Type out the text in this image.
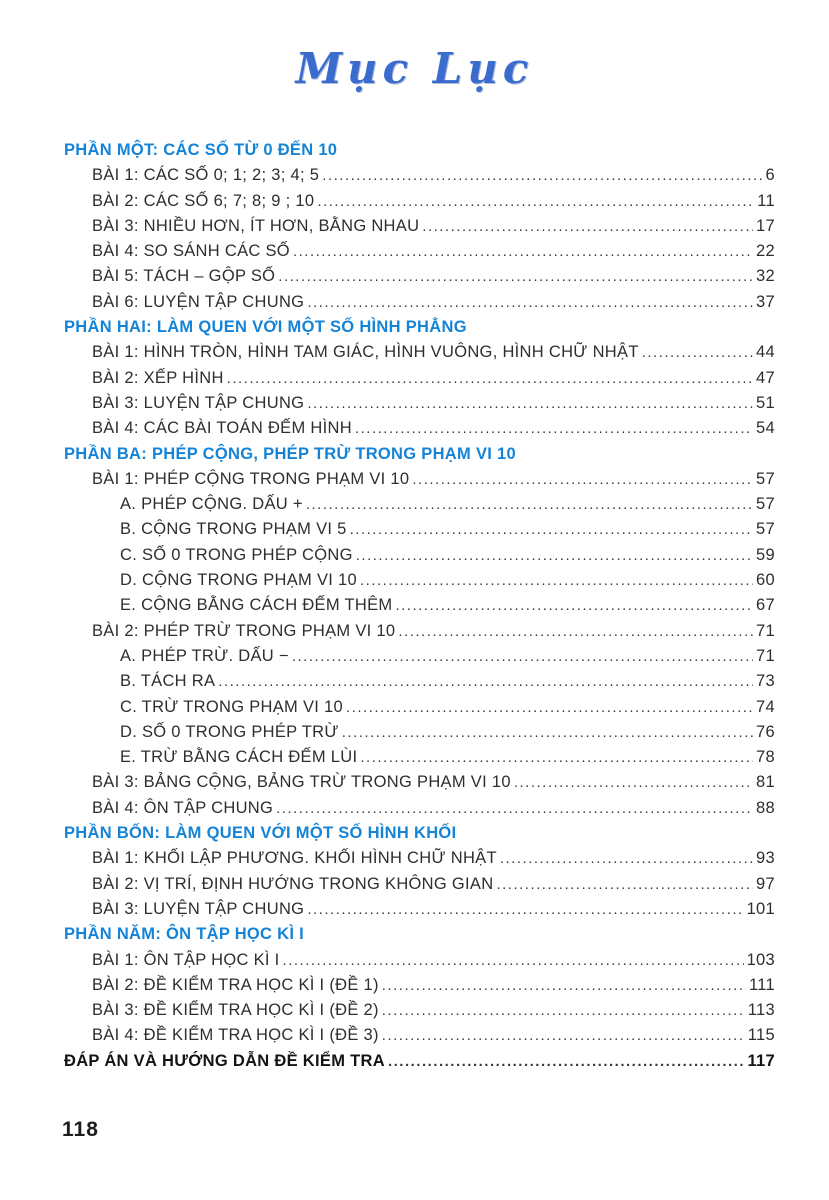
Mục Lục
PHẦN MỘT: CÁC SỐ TỪ 0 ĐẾN 10
BÀI 1: CÁC SỐ 0; 1; 2; 3; 4; 5 .....	6
BÀI 2: CÁC SỐ 6; 7; 8; 9 ; 10 .....	11
BÀI 3: NHIỀU HƠN, ÍT HƠN, BẰNG NHAU .....	17
BÀI 4: SO SÁNH CÁC SỐ .....	22
BÀI 5: TÁCH – GỘP SỐ .....	32
BÀI 6: LUYỆN TẬP CHUNG .....	37
PHẦN HAI: LÀM QUEN VỚI MỘT SỐ HÌNH PHẲNG
BÀI 1: HÌNH TRÒN, HÌNH TAM GIÁC, HÌNH VUÔNG, HÌNH CHỮ NHẬT .....	44
BÀI 2: XẾP HÌNH .....	47
BÀI 3: LUYỆN TẬP CHUNG .....	51
BÀI 4: CÁC BÀI TOÁN ĐẾM HÌNH .....	54
PHẦN BA: PHÉP CỘNG, PHÉP TRỪ TRONG PHẠM VI 10
BÀI 1: PHÉP CỘNG TRONG PHẠM VI 10 .....	57
A. PHÉP CỘNG. DẤU + .....	57
B. CỘNG TRONG PHẠM VI 5 .....	57
C. SỐ 0 TRONG PHÉP CỘNG .....	59
D. CỘNG TRONG PHẠM VI 10 .....	60
E. CỘNG BẰNG CÁCH ĐẾM THÊM .....	67
BÀI 2: PHÉP TRỪ TRONG PHẠM VI 10 .....	71
A. PHÉP TRỪ. DẤU − .....	71
B. TÁCH RA .....	73
C. TRỪ TRONG PHẠM VI 10 .....	74
D. SỐ 0 TRONG PHÉP TRỪ .....	76
E. TRỪ BẰNG CÁCH ĐẾM LÙI .....	78
BÀI 3: BẢNG CỘNG, BẢNG TRỪ TRONG PHẠM VI 10 .....	81
BÀI 4: ÔN TẬP CHUNG .....	88
PHẦN BỐN: LÀM QUEN VỚI MỘT SỐ HÌNH KHỐI
BÀI 1: KHỐI LẬP PHƯƠNG. KHỐI HÌNH CHỮ NHẬT .....	93
BÀI 2: VỊ TRÍ, ĐỊNH HƯỚNG TRONG KHÔNG GIAN .....	97
BÀI 3: LUYỆN TẬP CHUNG .....	101
PHẦN NĂM: ÔN TẬP HỌC KÌ I
BÀI 1: ÔN TẬP HỌC KÌ I .....	103
BÀI 2: ĐỀ KIỂM TRA HỌC KÌ I (ĐỀ 1) .....	111
BÀI 3: ĐỀ KIỂM TRA HỌC KÌ I (ĐỀ 2) .....	113
BÀI 4: ĐỀ KIỂM TRA HỌC KÌ I (ĐỀ 3) .....	115
ĐÁP ÁN VÀ HƯỚNG DẪN ĐỀ KIỂM TRA .....	117
118
